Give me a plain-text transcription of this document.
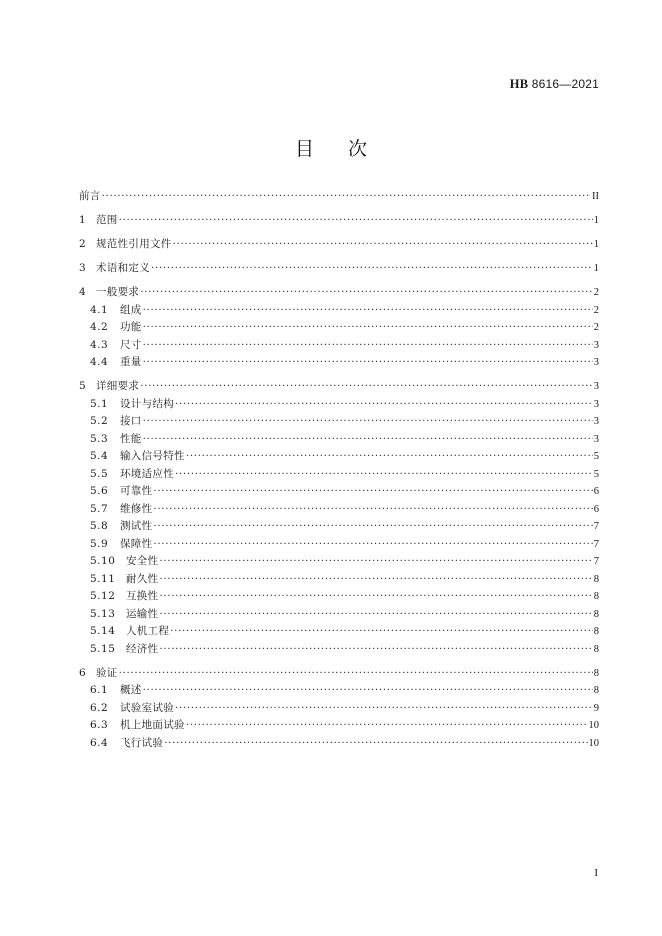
HB 8616—2021
目次
前言 ·····	II
1 范围 ·····	1
2 规范性引用文件 ·····	1
3 术语和定义 ·····	1
4 一般要求 ·····	2
4.1	组成 ·····	2
4.2	功能 ·····	2
4.3	尺寸 ·····	3
4.4	重量 ·····	3
5 详细要求 ·····	3
5.1	设计与结构 ·····	3
5.2	接口 ·····	3
5.3	性能 ·····	3
5.4	输入信号特性 ·····	5
5.5	环境适应性 ·····	5
5.6	可靠性 ·····	6
5.7	维修性 ·····	6
5.8	测试性 ·····	7
5.9	保障性 ·····	7
5.10	安全性 ·····	7
5.11	耐久性 ·····	8
5.12	互换性 ·····	8
5.13	运输性 ·····	8
5.14	人机工程 ·····	8
5.15	经济性 ·····	8
6 验证 ·····	8
6.1	概述 ·····	8
6.2	试验室试验 ·····	9
6.3	机上地面试验 ·····	10
6.4	飞行试验 ·····	10
I
